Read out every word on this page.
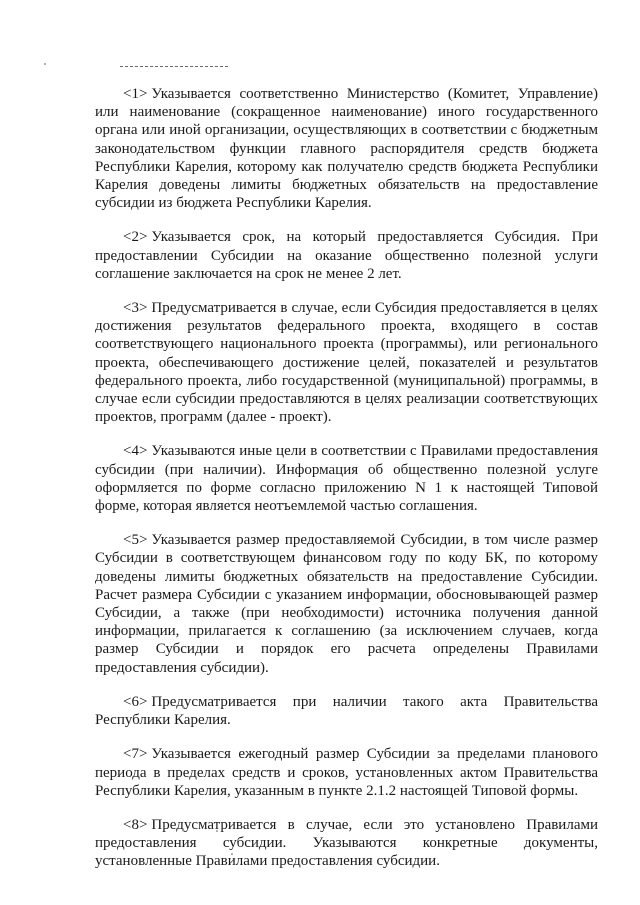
<1> Указывается соответственно Министерство (Комитет, Управление) или наименование (сокращенное наименование) иного государственного органа или иной организации, осуществляющих в соответствии с бюджетным законодательством функции главного распорядителя средств бюджета Республики Карелия, которому как получателю средств бюджета Республики Карелия доведены лимиты бюджетных обязательств на предоставление субсидии из бюджета Республики Карелия.

<2> Указывается срок, на который предоставляется Субсидия. При предоставлении Субсидии на оказание общественно полезной услуги соглашение заключается на срок не менее 2 лет.

<3> Предусматривается в случае, если Субсидия предоставляется в целях достижения результатов федерального проекта, входящего в состав соответствующего национального проекта (программы), или регионального проекта, обеспечивающего достижение целей, показателей и результатов федерального проекта, либо государственной (муниципальной) программы, в случае если субсидии предоставляются в целях реализации соответствующих проектов, программ (далее - проект).

<4> Указываются иные цели в соответствии с Правилами предоставления субсидии (при наличии). Информация об общественно полезной услуге оформляется по форме согласно приложению N 1 к настоящей Типовой форме, которая является неотъемлемой частью соглашения.

<5> Указывается размер предоставляемой Субсидии, в том числе размер Субсидии в соответствующем финансовом году по коду БК, по которому доведены лимиты бюджетных обязательств на предоставление Субсидии. Расчет размера Субсидии с указанием информации, обосновывающей размер Субсидии, а также (при необходимости) источника получения данной информации, прилагается к соглашению (за исключением случаев, когда размер Субсидии и порядок его расчета определены Правилами предоставления субсидии).

<6> Предусматривается при наличии такого акта Правительства Республики Карелия.

<7> Указывается ежегодный размер Субсидии за пределами планового периода в пределах средств и сроков, установленных актом Правительства Республики Карелия, указанным в пункте 2.1.2 настоящей Типовой формы.

<8> Предусматривается в случае, если это установлено Правилами предоставления субсидии. Указываются конкретные документы, установленные Правилами предоставления субсидии.
